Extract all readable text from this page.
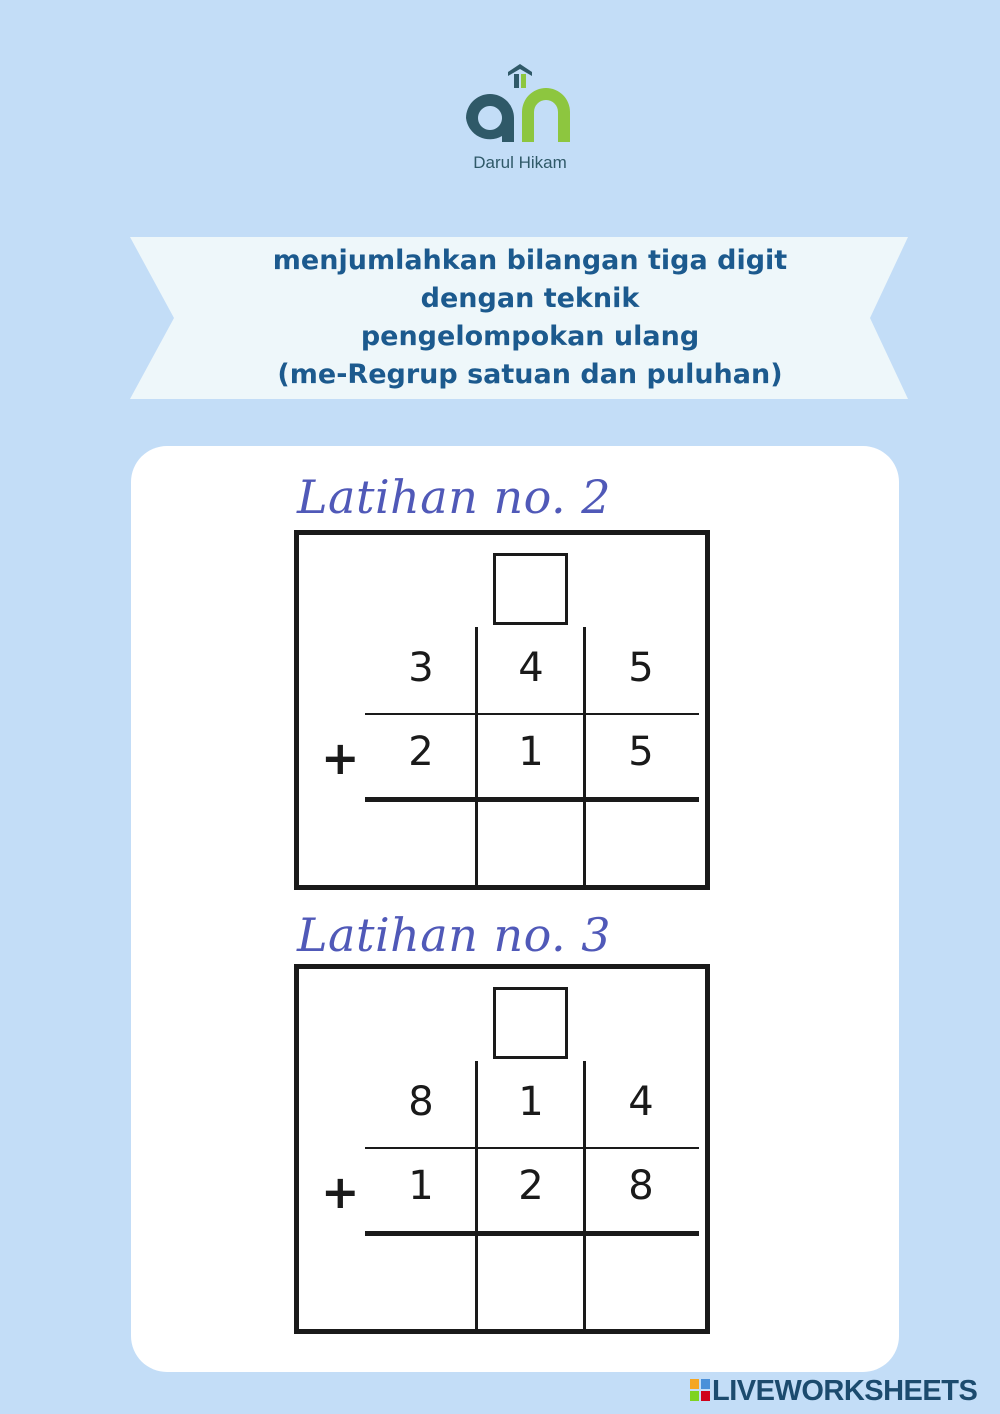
Darul Hikam
menjumlahkan bilangan tiga digit
dengan teknik
pengelompokan ulang
(me-Regrup satuan dan puluhan)
Latihan no. 2
3	4	5
+	2	1	5
Latihan no. 3
8	1	4
+	1	2	8
LIVEWORKSHEETS
